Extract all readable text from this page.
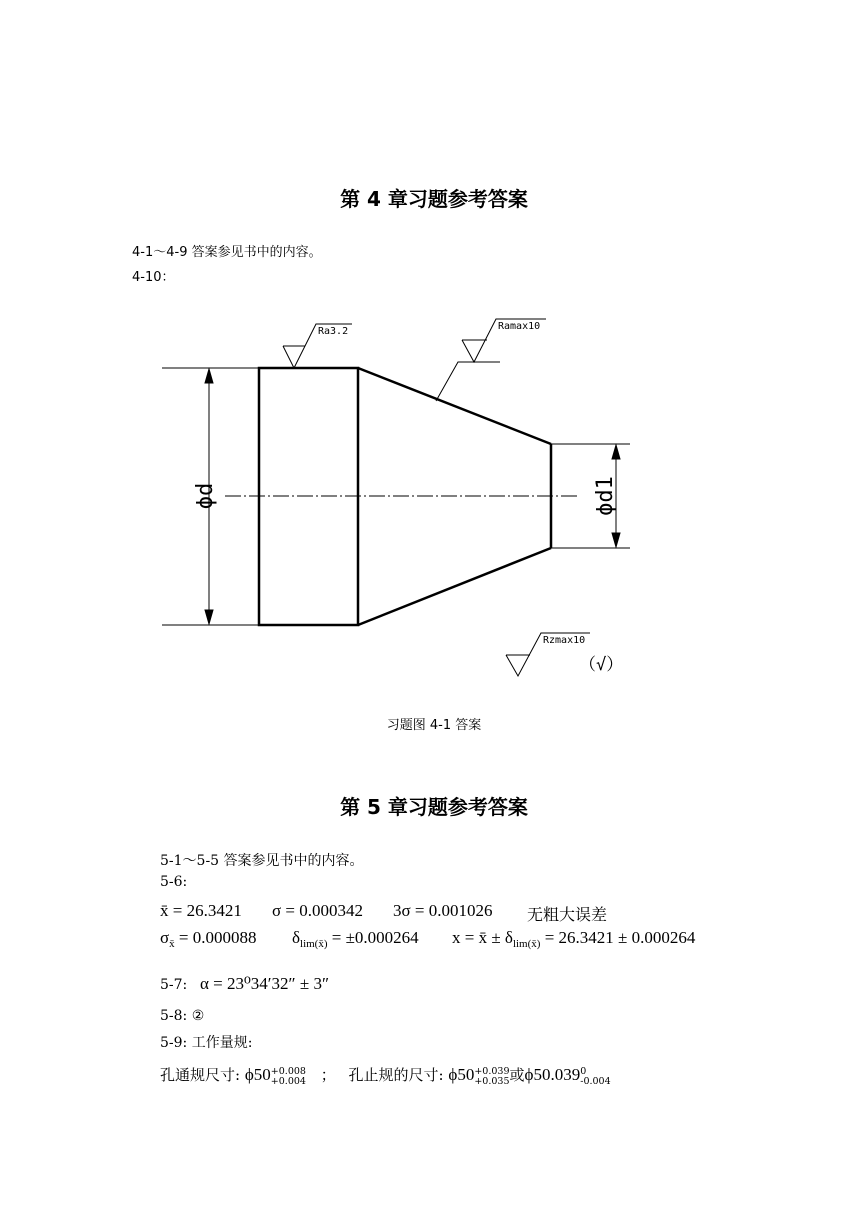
第 4 章习题参考答案
4-1～4-9 答案参见书中的内容。
4-10：
ϕd	ϕd1
Ra3.2	Ramax10
Rzmax10
（√）
习题图 4-1 答案
第 5 章习题参考答案
5-1～5-5 答案参见书中的内容。
5-6:
x̄ = 26.3421 σ = 0.000342 3σ = 0.001026 无粗大误差
$\sigma_{x̄} = 0.000088$ $\delta_{lim(x̄)} = \pm 0.000264$ x = x̄ ± $\delta_{lim(x̄)} = 26.3421 \pm 0.000264$
5-7: α = 23⁰34′32″ ± 3″
5-8: ②
5-9: 工作量规:
孔通规尺寸: ϕ50 +0.008
+0.004 ； 孔止规的尺寸: ϕ50 +0.039
+0.035 或ϕ50.039 0
-0.004
